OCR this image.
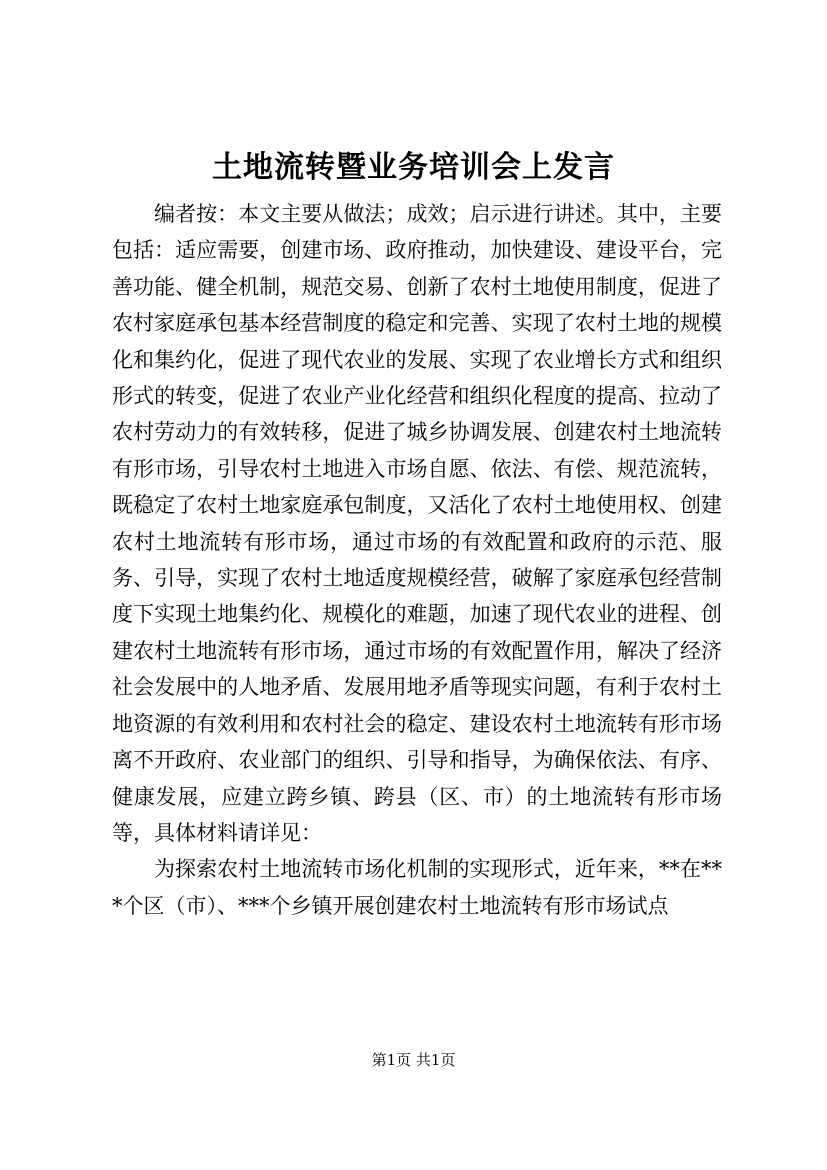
土地流转暨业务培训会上发言

编者按：本文主要从做法；成效；启示进行讲述。其中，主要包括：适应需要，创建市场、政府推动，加快建设、建设平台，完善功能、健全机制，规范交易、创新了农村土地使用制度，促进了农村家庭承包基本经营制度的稳定和完善、实现了农村土地的规模化和集约化，促进了现代农业的发展、实现了农业增长方式和组织形式的转变，促进了农业产业化经营和组织化程度的提高、拉动了农村劳动力的有效转移，促进了城乡协调发展、创建农村土地流转有形市场，引导农村土地进入市场自愿、依法、有偿、规范流转，既稳定了农村土地家庭承包制度，又活化了农村土地使用权、创建农村土地流转有形市场，通过市场的有效配置和政府的示范、服务、引导，实现了农村土地适度规模经营，破解了家庭承包经营制度下实现土地集约化、规模化的难题，加速了现代农业的进程、创建农村土地流转有形市场，通过市场的有效配置作用，解决了经济社会发展中的人地矛盾、发展用地矛盾等现实问题，有利于农村土地资源的有效利用和农村社会的稳定、建设农村土地流转有形市场离不开政府、农业部门的组织、引导和指导，为确保依法、有序、健康发展，应建立跨乡镇、跨县（区、市）的土地流转有形市场等，具体材料请详见：

为探索农村土地流转市场化机制的实现形式，近年来，**在***个区（市）、***个乡镇开展创建农村土地流转有形市场试点

第1页 共1页
